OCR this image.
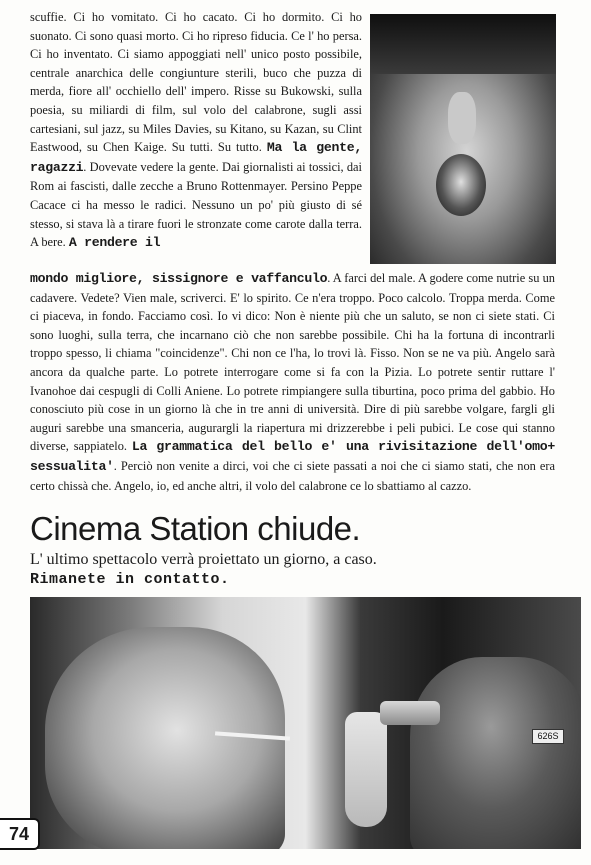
scuffie. Ci ho vomitato. Ci ho cacato. Ci ho dormito. Ci ho suonato. Ci sono quasi morto. Ci ho ripreso fiducia. Ce l' ho persa. Ci ho inventato. Ci siamo appoggiati nell' unico posto possibile, centrale anarchica delle congiunture sterili, buco che puzza di merda, fiore all' occhiello dell' impero. Risse su Bukowski, sulla poesia, su miliardi di film, sul volo del calabrone, sugli assi cartesiani, sul jazz, su Miles Davies, su Kitano, su Kazan, su Clint Eastwood, su Chen Kaige. Su tutti. Su tutto. Ma la gente, ragazzi. Dovevate vedere la gente. Dai giornalisti ai tossici, dai Rom ai fascisti, dalle zecche a Bruno Rottenmayer. Persino Peppe Cacace ci ha messo le radici. Nessuno un po' più giusto di sé stesso, si stava là a tirare fuori le stronzate come carote dalla terra. A bere. A rendere il

mondo migliore, sissignore e vaffanculo. A farci del male. A godere come nutrie su un cadavere. Vedete? Vien male, scriverci. E' lo spirito. Ce n'era troppo. Poco calcolo. Troppa merda. Come ci piaceva, in fondo. Facciamo così. Io vi dico: Non è niente più che un saluto, se non ci siete stati. Ci sono luoghi, sulla terra, che incarnano ciò che non sarebbe possibile. Chi ha la fortuna di incontrarli troppo spesso, li chiama "coincidenze". Chi non ce l'ha, lo trovi là. Fisso. Non se ne va più. Angelo sarà ancora da qualche parte. Lo potrete interrogare come si fa con la Pizia. Lo potrete sentir ruttare l' Ivanohoe dai cespugli di Colli Aniene. Lo potrete rimpiangere sulla tiburtina, poco prima del gabbio. Ho conosciuto più cose in un giorno là che in tre anni di università. Dire di più sarebbe volgare, fargli gli auguri sarebbe una smanceria, augurargli la riapertura mi drizzerebbe i peli pubici. Le cose qui stanno diverse, sappiatelo. La grammatica del bello e' una rivisitazione dell'omo+ sessualita'. Perciò non venite a dirci, voi che ci siete passati a noi che ci siamo stati, che non era certo chissà che. Angelo, io, ed anche altri, il volo del calabrone ce lo sbattiamo al cazzo.

Cinema Station chiude.

L' ultimo spettacolo verrà proiettato un giorno, a caso.

Rimanete in contatto.

626S
74
